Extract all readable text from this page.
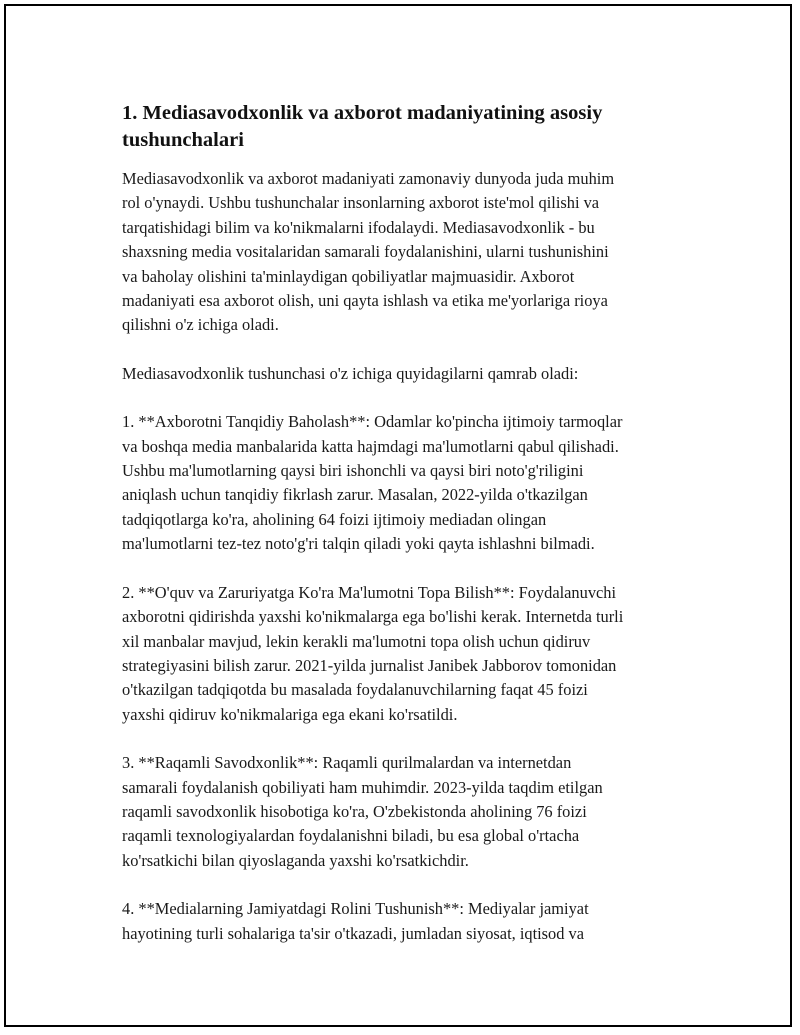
1. Mediasavodxonlik va axborot madaniyatining asosiy tushunchalari

Mediasavodxonlik va axborot madaniyati zamonaviy dunyoda juda muhim
rol o'ynaydi. Ushbu tushunchalar insonlarning axborot iste'mol qilishi va
tarqatishidagi bilim va ko'nikmalarni ifodalaydi. Mediasavodxonlik - bu
shaxsning media vositalaridan samarali foydalanishini, ularni tushunishini
va baholay olishini ta'minlaydigan qobiliyatlar majmuasidir. Axborot
madaniyati esa axborot olish, uni qayta ishlash va etika me'yorlariga rioya
qilishni o'z ichiga oladi.

Mediasavodxonlik tushunchasi o'z ichiga quyidagilarni qamrab oladi:

1. **Axborotni Tanqidiy Baholash**: Odamlar ko'pincha ijtimoiy tarmoqlar
va boshqa media manbalarida katta hajmdagi ma'lumotlarni qabul qilishadi.
Ushbu ma'lumotlarning qaysi biri ishonchli va qaysi biri noto'g'riligini
aniqlash uchun tanqidiy fikrlash zarur. Masalan, 2022-yilda o'tkazilgan
tadqiqotlarga ko'ra, aholining 64 foizi ijtimoiy mediadan olingan
ma'lumotlarni tez-tez noto'g'ri talqin qiladi yoki qayta ishlashni bilmadi.

2. **O'quv va Zaruriyatga Ko'ra Ma'lumotni Topa Bilish**: Foydalanuvchi
axborotni qidirishda yaxshi ko'nikmalarga ega bo'lishi kerak. Internetda turli
xil manbalar mavjud, lekin kerakli ma'lumotni topa olish uchun qidiruv
strategiyasini bilish zarur. 2021-yilda jurnalist Janibek Jabborov tomonidan
o'tkazilgan tadqiqotda bu masalada foydalanuvchilarning faqat 45 foizi
yaxshi qidiruv ko'nikmalariga ega ekani ko'rsatildi.

3. **Raqamli Savodxonlik**: Raqamli qurilmalardan va internetdan
samarali foydalanish qobiliyati ham muhimdir. 2023-yilda taqdim etilgan
raqamli savodxonlik hisobotiga ko'ra, O'zbekistonda aholining 76 foizi
raqamli texnologiyalardan foydalanishni biladi, bu esa global o'rtacha
ko'rsatkichi bilan qiyoslaganda yaxshi ko'rsatkichdir.

4. **Medialarning Jamiyatdagi Rolini Tushunish**: Mediyalar jamiyat
hayotining turli sohalariga ta'sir o'tkazadi, jumladan siyosat, iqtisod va
